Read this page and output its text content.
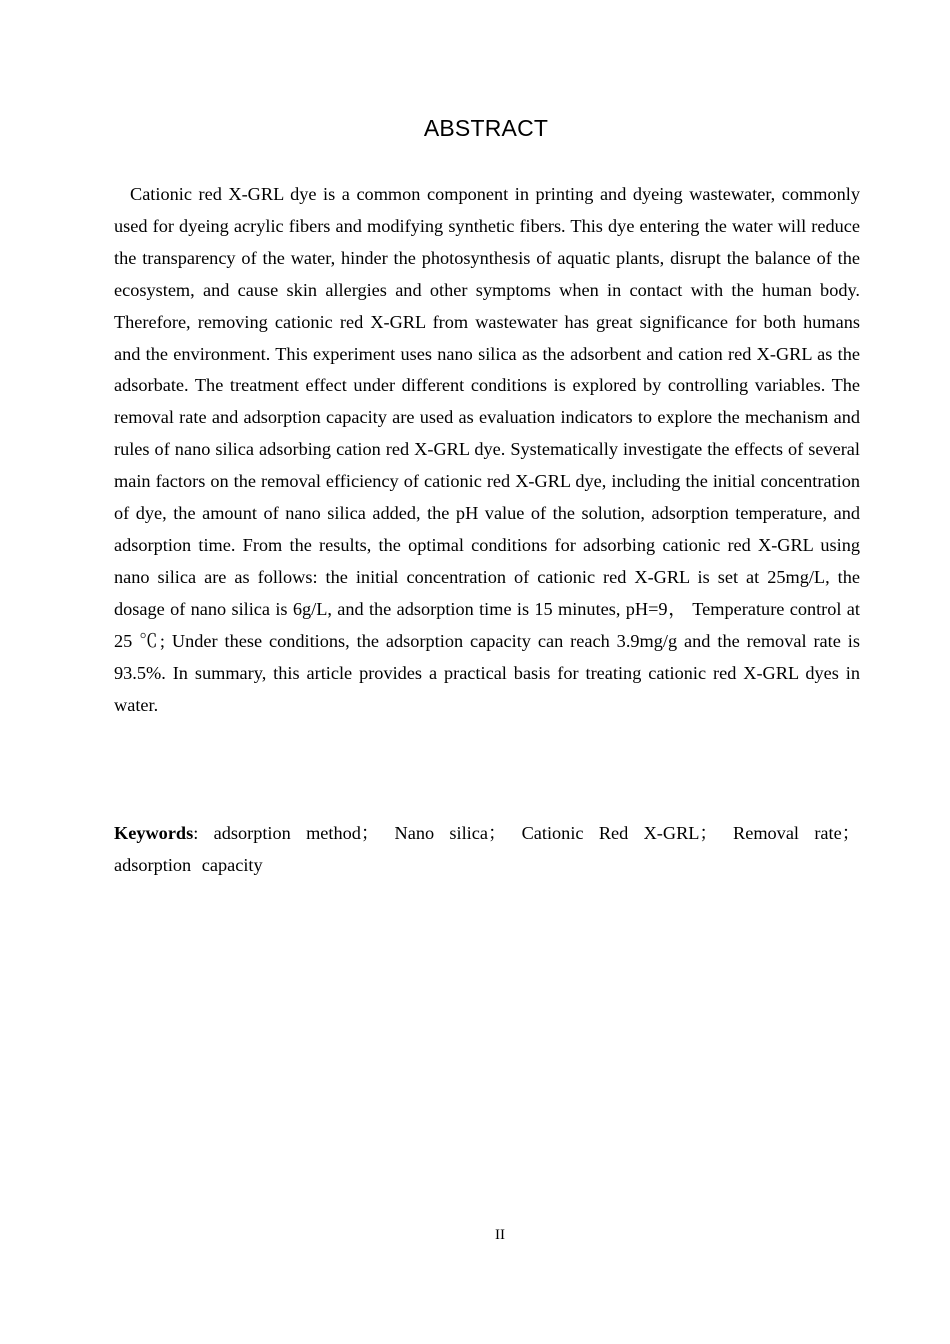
ABSTRACT

Cationic red X-GRL dye is a common component in printing and dyeing wastewater, commonly used for dyeing acrylic fibers and modifying synthetic fibers. This dye entering the water will reduce the transparency of the water, hinder the photosynthesis of aquatic plants, disrupt the balance of the ecosystem, and cause skin allergies and other symptoms when in contact with the human body. Therefore, removing cationic red X-GRL from wastewater has great significance for both humans and the environment. This experiment uses nano silica as the adsorbent and cation red X-GRL as the adsorbate. The treatment effect under different conditions is explored by controlling variables. The removal rate and adsorption capacity are used as evaluation indicators to explore the mechanism and rules of nano silica adsorbing cation red X-GRL dye. Systematically investigate the effects of several main factors on the removal efficiency of cationic red X-GRL dye, including the initial concentration of dye, the amount of nano silica added, the pH value of the solution, adsorption temperature, and adsorption time. From the results, the optimal conditions for adsorbing cationic red X-GRL using nano silica are as follows: the initial concentration of cationic red X-GRL is set at 25mg/L, the dosage of nano silica is 6g/L, and the adsorption time is 15 minutes, pH=9， Temperature control at 25 ℃; Under these conditions, the adsorption capacity can reach 3.9mg/g and the removal rate is 93.5%. In summary, this article provides a practical basis for treating cationic red X-GRL dyes in water.

Keywords: adsorption method； Nano silica； Cationic Red X-GRL； Removal rate； adsorption capacity

II
